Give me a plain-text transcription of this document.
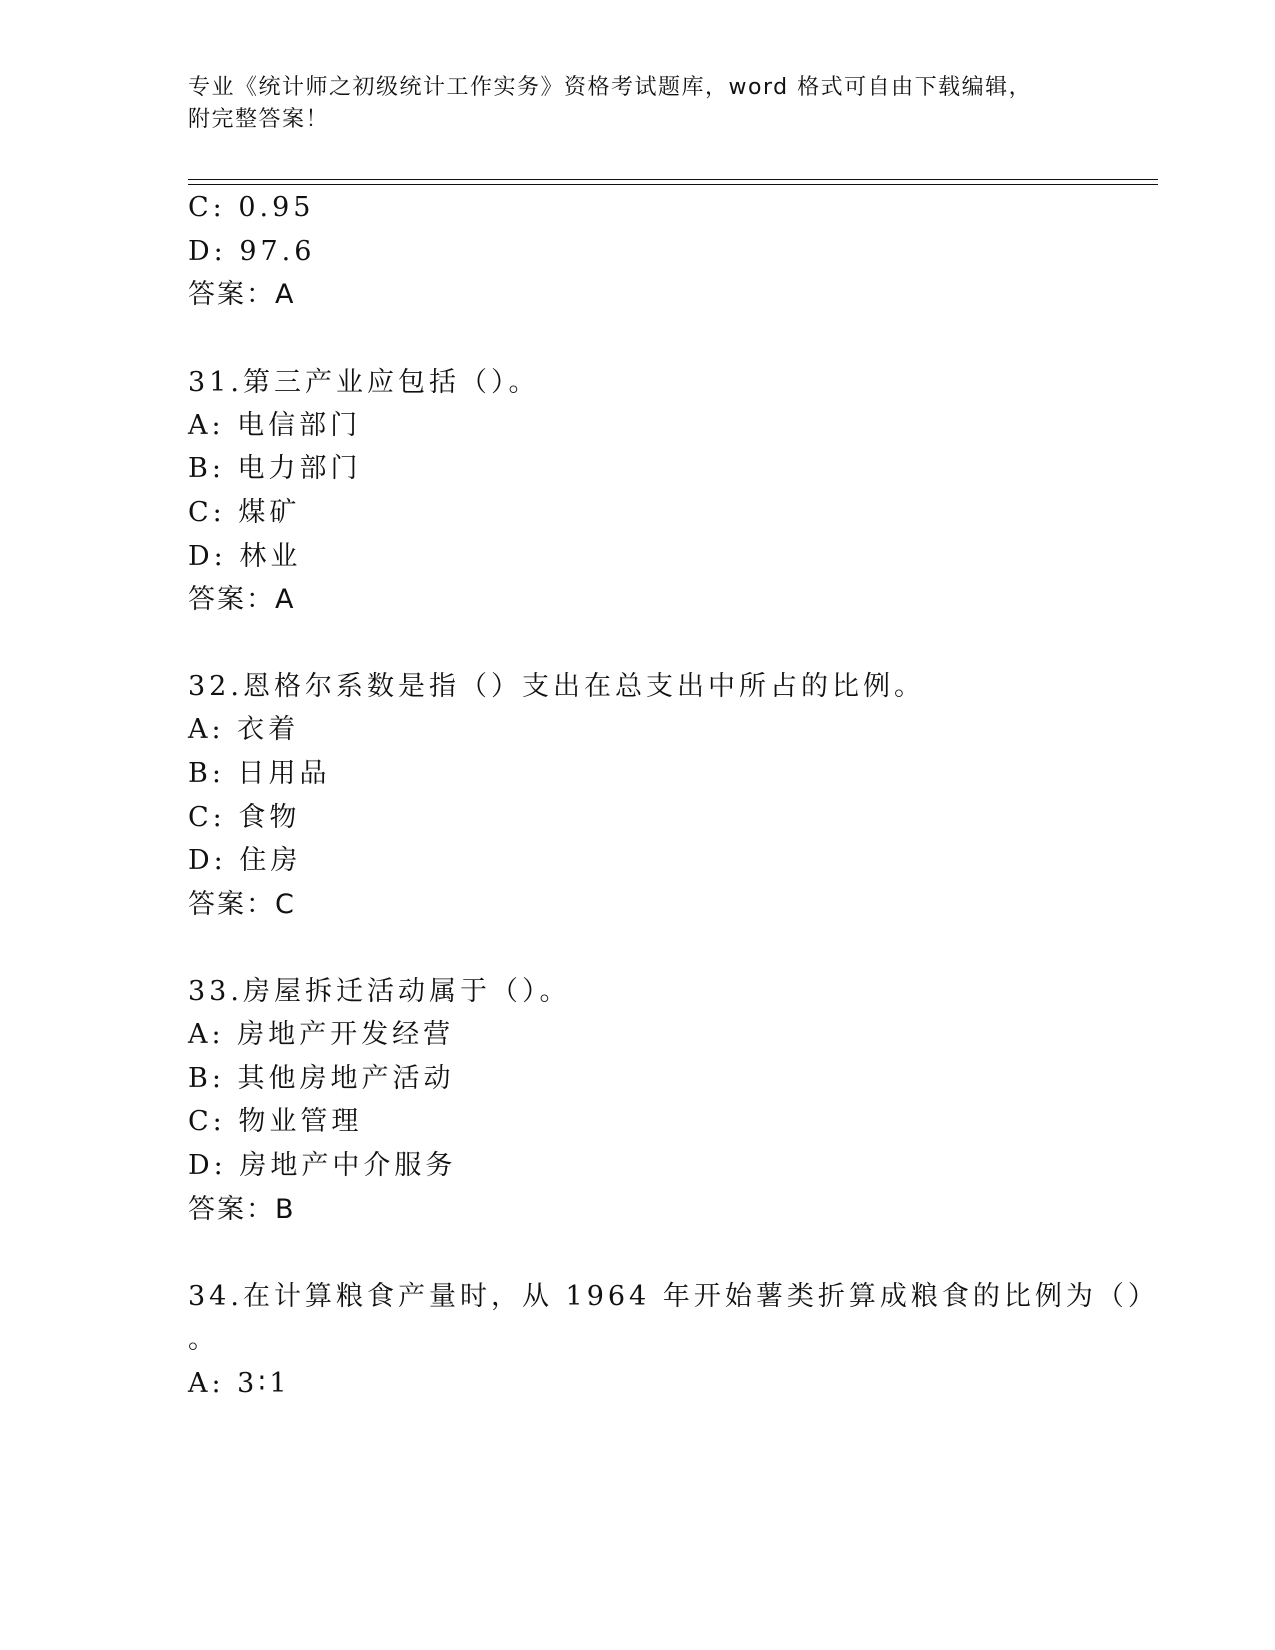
专业《统计师之初级统计工作实务》资格考试题库，word 格式可自由下载编辑，
附完整答案！
C: 0.95
D: 97.6
答案：A
31.第三产业应包括（）。
A: 电信部门
B: 电力部门
C: 煤矿
D: 林业
答案：A
32.恩格尔系数是指（）支出在总支出中所占的比例。
A: 衣着
B: 日用品
C: 食物
D: 住房
答案：C
33.房屋拆迁活动属于（）。
A: 房地产开发经营
B: 其他房地产活动
C: 物业管理
D: 房地产中介服务
答案：B
34.在计算粮食产量时，从 1964 年开始薯类折算成粮食的比例为（）
。
A: 3∶1
